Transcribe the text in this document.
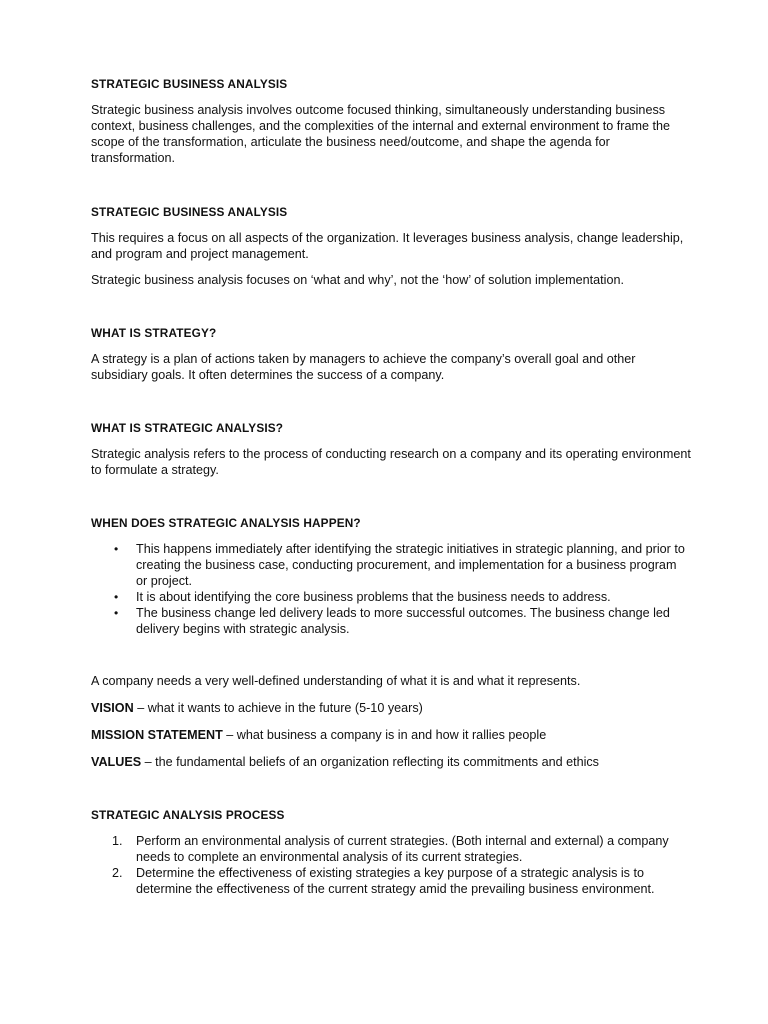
STRATEGIC BUSINESS ANALYSIS

Strategic business analysis involves outcome focused thinking, simultaneously understanding business context, business challenges, and the complexities of the internal and external environment to frame the scope of the transformation, articulate the business need/outcome, and shape the agenda for transformation.

STRATEGIC BUSINESS ANALYSIS

This requires a focus on all aspects of the organization. It leverages business analysis, change leadership, and program and project management.

Strategic business analysis focuses on ‘what and why’, not the ‘how’ of solution implementation.

WHAT IS STRATEGY?

A strategy is a plan of actions taken by managers to achieve the company’s overall goal and other subsidiary goals. It often determines the success of a company.

WHAT IS STRATEGIC ANALYSIS?

Strategic analysis refers to the process of conducting research on a company and its operating environment to formulate a strategy.

WHEN DOES STRATEGIC ANALYSIS HAPPEN?
• This happens immediately after identifying the strategic initiatives in strategic planning, and prior to creating the business case, conducting procurement, and implementation for a business program or project.
• It is about identifying the core business problems that the business needs to address.
• The business change led delivery leads to more successful outcomes. The business change led delivery begins with strategic analysis.

A company needs a very well-defined understanding of what it is and what it represents.

VISION – what it wants to achieve in the future (5-10 years)

MISSION STATEMENT – what business a company is in and how it rallies people

VALUES – the fundamental beliefs of an organization reflecting its commitments and ethics

STRATEGIC ANALYSIS PROCESS
1. Perform an environmental analysis of current strategies. (Both internal and external) a company needs to complete an environmental analysis of its current strategies.
2. Determine the effectiveness of existing strategies a key purpose of a strategic analysis is to determine the effectiveness of the current strategy amid the prevailing business environment.
